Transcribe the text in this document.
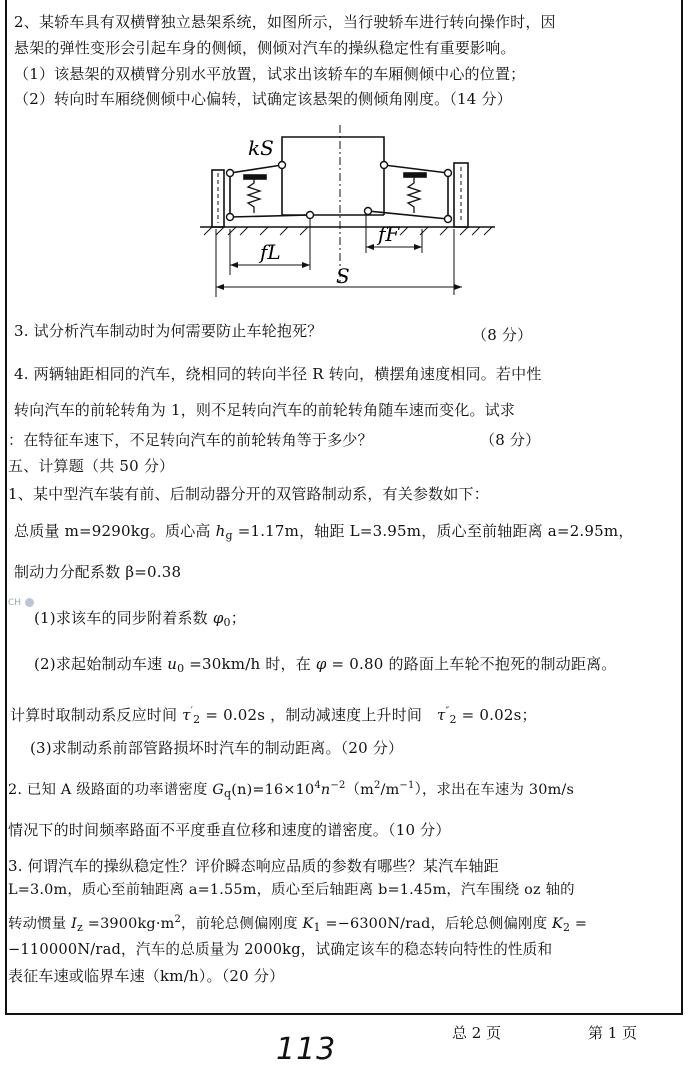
2、某轿车具有双横臂独立悬架系统，如图所示，当行驶轿车进行转向操作时，因
悬架的弹性变形会引起车身的侧倾，侧倾对汽车的操纵稳定性有重要影响。
（1）该悬架的双横臂分别水平放置，试求出该轿车的车厢侧倾中心的位置；
（2）转向时车厢绕侧倾中心偏转，试确定该悬架的侧倾角刚度。（14 分）
kS
fL
fF
S
3. 试分析汽车制动时为何需要防止车轮抱死？	（8 分）
4. 两辆轴距相同的汽车，绕相同的转向半径 R 转向，横摆角速度相同。若中性
转向汽车的前轮转角为 1，则不足转向汽车的前轮转角随车速而变化。试求
：在特征车速下，不足转向汽车的前轮转角等于多少？	（8 分）
五、计算题（共 50 分）
1、某中型汽车装有前、后制动器分开的双管路制动系，有关参数如下：
总质量 m=9290kg。质心高 $h_g =1.17m$，轴距 L=3.95m，质心至前轴距离 a=2.95m，
制动力分配系数 β=0.38
CH
(1)求该车的同步附着系数 $\varphi_0$；
(2)求起始制动车速 $u_0 =30km/h$ 时，在 φ = 0.80 的路面上车轮不抱死的制动距离。
计算时取制动系反应时间 $\tau'_2 = 0.02s$ ，制动减速度上升时间 $\tau''_2 = 0.02s$；
(3)求制动系前部管路损坏时汽车的制动距离。（20 分）
2. 已知 A 级路面的功率谱密度 $G_q(n)=16\times 10^4n^{-2}(m^2/m^{-1})$，求出在车速为 30m/s
情况下的时间频率路面不平度垂直位移和速度的谱密度。（10 分）
3. 何谓汽车的操纵稳定性？评价瞬态响应品质的参数有哪些？某汽车轴距
L=3.0m，质心至前轴距离 a=1.55m，质心至后轴距离 b=1.45m，汽车围绕 oz 轴的
转动惯量 $I_z =3900kg\cdot m^2$，前轮总侧偏刚度 $K_1 =-6300N/rad$，后轮总侧偏刚度 $K_2$ =
−110000N/rad，汽车的总质量为 2000kg，试确定该车的稳态转向特性的性质和
表征车速或临界车速（km/h）。（20 分）
总 2 页	第 1 页
113
